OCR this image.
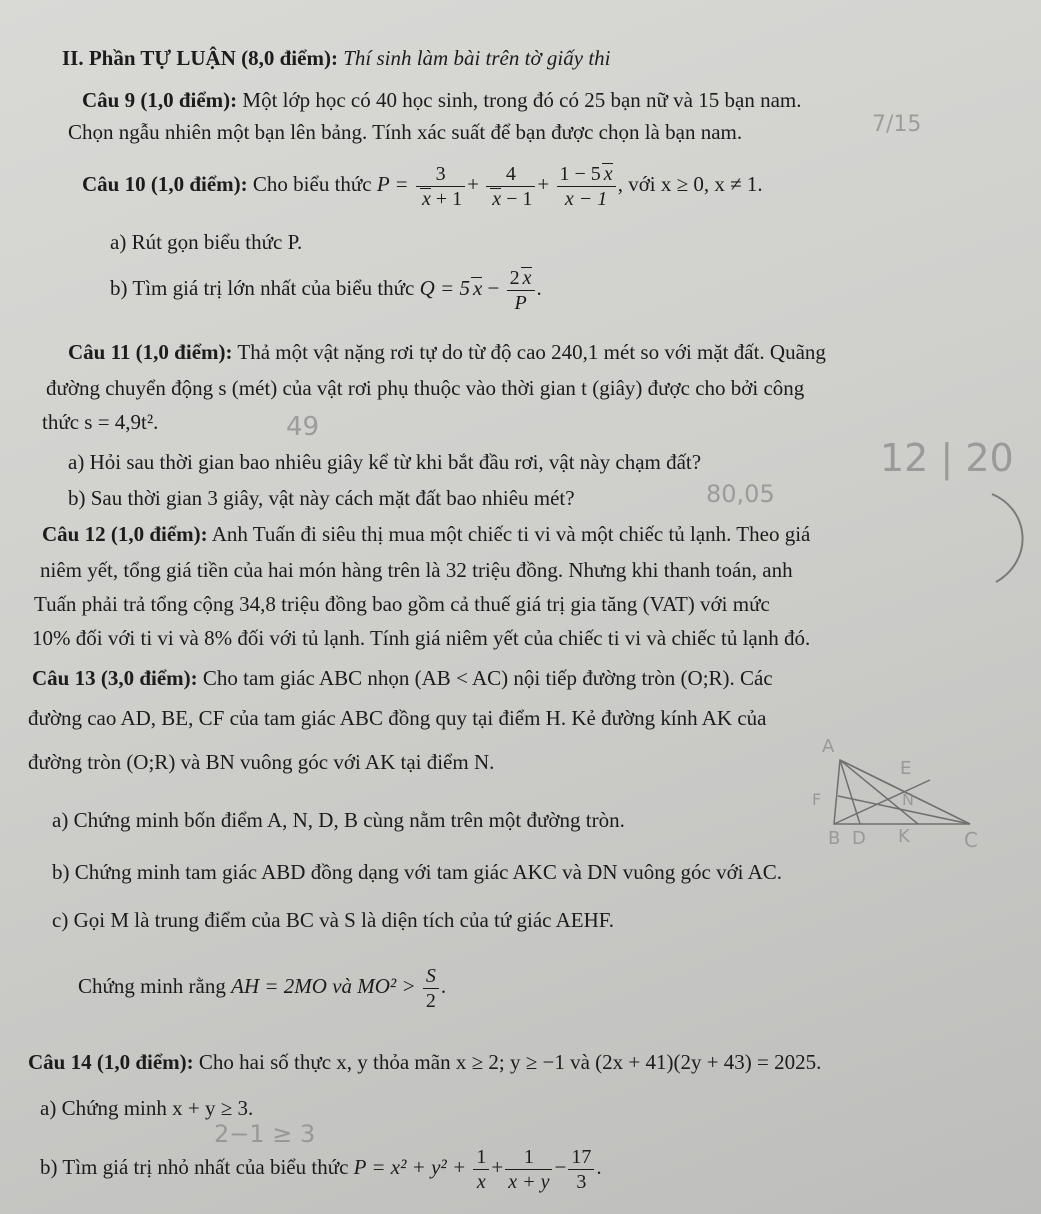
II. Phần TỰ LUẬN (8,0 điểm): Thí sinh làm bài trên tờ giấy thi
Câu 9 (1,0 điểm): Một lớp học có 40 học sinh, trong đó có 25 bạn nữ và 15 bạn nam.
Chọn ngẫu nhiên một bạn lên bảng. Tính xác suất để bạn được chọn là bạn nam.
Câu 10 (1,0 điểm): Cho biểu thức $P = \frac{3}{x + 1} + \frac{4}{x - 1} + \frac{1 - 5 x}{x - 1}$ , với x ≥ 0, x ≠ 1.
a) Rút gọn biểu thức P.
b) Tìm giá trị lớn nhất của biểu thức Q = 5 $x - \frac{2 x}{P}$ .
Câu 11 (1,0 điểm): Thả một vật nặng rơi tự do từ độ cao 240,1 mét so với mặt đất. Quãng
đường chuyển động s (mét) của vật rơi phụ thuộc vào thời gian t (giây) được cho bởi công
thức s = 4,9t².
a) Hỏi sau thời gian bao nhiêu giây kể từ khi bắt đầu rơi, vật này chạm đất?
b) Sau thời gian 3 giây, vật này cách mặt đất bao nhiêu mét?
Câu 12 (1,0 điểm): Anh Tuấn đi siêu thị mua một chiếc ti vi và một chiếc tủ lạnh. Theo giá
niêm yết, tổng giá tiền của hai món hàng trên là 32 triệu đồng. Nhưng khi thanh toán, anh
Tuấn phải trả tổng cộng 34,8 triệu đồng bao gồm cả thuế giá trị gia tăng (VAT) với mức
10% đối với ti vi và 8% đối với tủ lạnh. Tính giá niêm yết của chiếc ti vi và chiếc tủ lạnh đó.
Câu 13 (3,0 điểm): Cho tam giác ABC nhọn (AB < AC) nội tiếp đường tròn (O;R). Các
đường cao AD, BE, CF của tam giác ABC đồng quy tại điểm H. Kẻ đường kính AK của
đường tròn (O;R) và BN vuông góc với AK tại điểm N.
a) Chứng minh bốn điểm A, N, D, B cùng nằm trên một đường tròn.
b) Chứng minh tam giác ABD đồng dạng với tam giác AKC và DN vuông góc với AC.
c) Gọi M là trung điểm của BC và S là diện tích của tứ giác AEHF.
Chứng minh rằng AH = 2MO và $MO^2 > \frac{S}{2}$ .
Câu 14 (1,0 điểm): Cho hai số thực x, y thỏa mãn x ≥ 2; y ≥ −1 và (2x + 41)(2y + 43) = 2025.
a) Chứng minh x + y ≥ 3.
b) Tìm giá trị nhỏ nhất của biểu thức $P = x^2 + y^2 + \frac{1}{x} + \frac{1}{x + y} - \frac{17}{3}$ .
7/15
49
12 | 20
80,05
2−1 ≥ 3
A
E
F	N
B D K	C
